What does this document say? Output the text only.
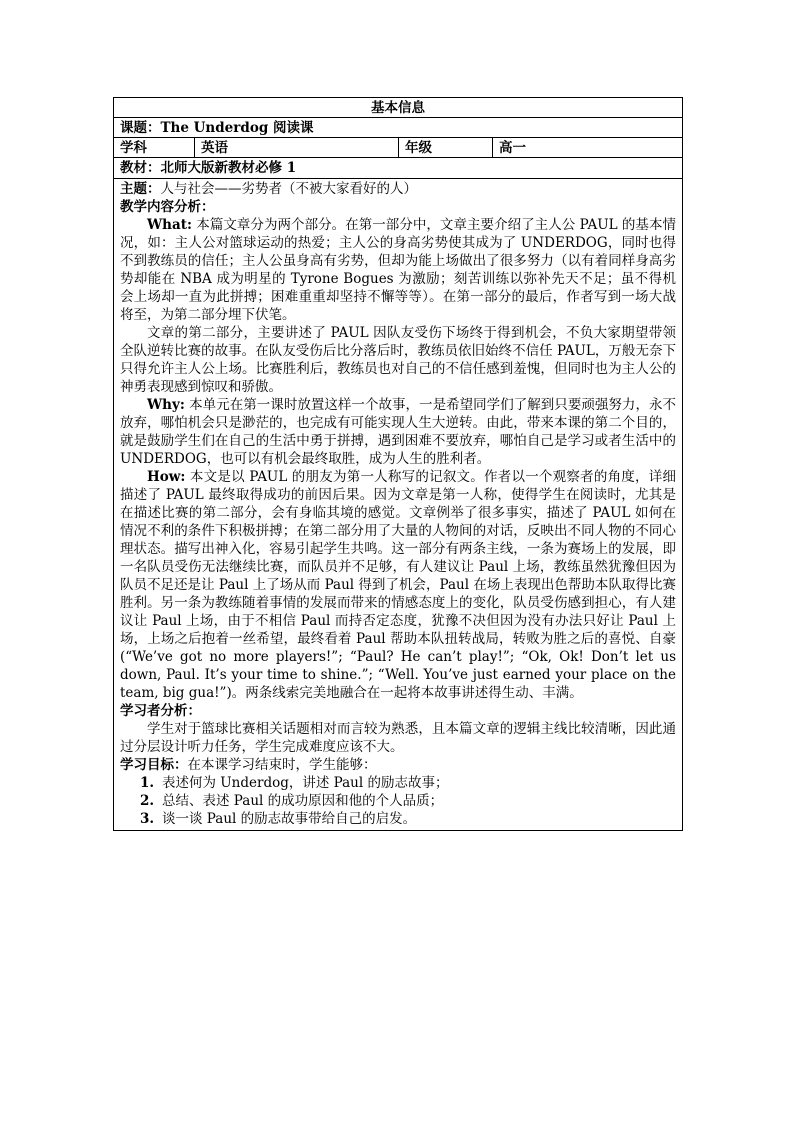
基本信息
课题：The Underdog 阅读课
学科	英语	年级	高一
教材：北师大版新教材必修 1

主题：人与社会——劣势者（不被大家看好的人）

教学内容分析：

What: 本篇文章分为两个部分。在第一部分中，文章主要介绍了主人公 PAUL 的基本情况，如：主人公对篮球运动的热爱；主人公的身高劣势使其成为了 UNDERDOG，同时也得不到教练员的信任；主人公虽身高有劣势，但却为能上场做出了很多努力（以有着同样身高劣势却能在 NBA 成为明星的 Tyrone Bogues 为激励；刻苦训练以弥补先天不足；虽不得机会上场却一直为此拼搏；困难重重却坚持不懈等等）。在第一部分的最后，作者写到一场大战将至，为第二部分埋下伏笔。

文章的第二部分，主要讲述了 PAUL 因队友受伤下场终于得到机会，不负大家期望带领全队逆转比赛的故事。在队友受伤后比分落后时，教练员依旧始终不信任 PAUL，万般无奈下只得允许主人公上场。比赛胜利后，教练员也对自己的不信任感到羞愧，但同时也为主人公的神勇表现感到惊叹和骄傲。

Why: 本单元在第一课时放置这样一个故事，一是希望同学们了解到只要顽强努力，永不放弃，哪怕机会只是渺茫的，也完成有可能实现人生大逆转。由此，带来本课的第二个目的，就是鼓励学生们在自己的生活中勇于拼搏，遇到困难不要放弃，哪怕自己是学习或者生活中的 UNDERDOG，也可以有机会最终取胜，成为人生的胜利者。

How: 本文是以 PAUL 的朋友为第一人称写的记叙文。作者以一个观察者的角度，详细描述了 PAUL 最终取得成功的前因后果。因为文章是第一人称，使得学生在阅读时，尤其是在描述比赛的第二部分，会有身临其境的感觉。文章例举了很多事实，描述了 PAUL 如何在情况不利的条件下积极拼搏；在第二部分用了大量的人物间的对话，反映出不同人物的不同心理状态。描写出神入化，容易引起学生共鸣。这一部分有两条主线，一条为赛场上的发展，即一名队员受伤无法继续比赛，而队员并不足够，有人建议让 Paul 上场，教练虽然犹豫但因为队员不足还是让 Paul 上了场从而 Paul 得到了机会，Paul 在场上表现出色帮助本队取得比赛胜利。另一条为教练随着事情的发展而带来的情感态度上的变化，队员受伤感到担心，有人建议让 Paul 上场，由于不相信 Paul 而持否定态度，犹豫不决但因为没有办法只好让 Paul 上场，上场之后抱着一丝希望，最终看着 Paul 帮助本队扭转战局，转败为胜之后的喜悦、自豪(“We’ve got no more players!”; “Paul? He can’t play!”; “Ok, Ok! Don’t let us down, Paul. It’s your time to shine.”; “Well. You’ve just earned your place on the team, big gua!”)。两条线索完美地融合在一起将本故事讲述得生动、丰满。

学习者分析：

学生对于篮球比赛相关话题相对而言较为熟悉，且本篇文章的逻辑主线比较清晰，因此通过分层设计听力任务，学生完成难度应该不大。

学习目标：在本课学习结束时，学生能够：

1. 表述何为 Underdog，讲述 Paul 的励志故事；
2. 总结、表述 Paul 的成功原因和他的个人品质；
3. 谈一谈 Paul 的励志故事带给自己的启发。
